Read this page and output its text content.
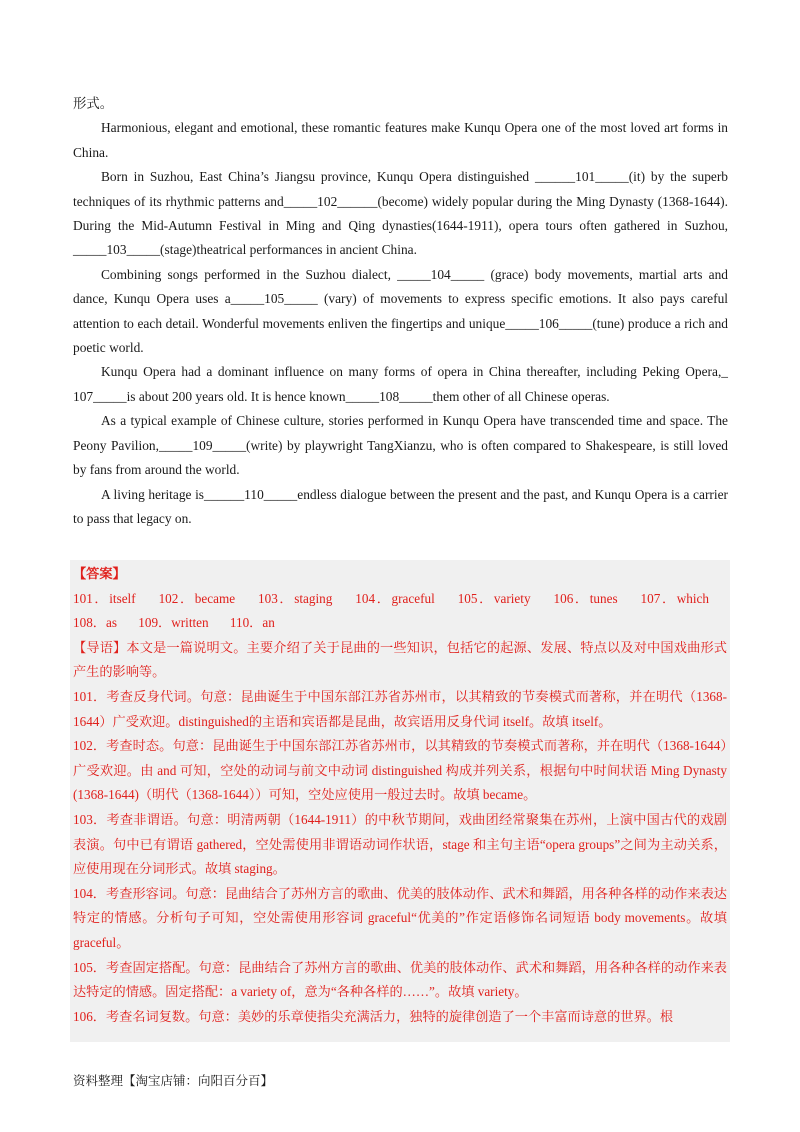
形式。

Harmonious, elegant and emotional, these romantic features make Kunqu Opera one of the most loved art forms in China.

Born in Suzhou, East China’s Jiangsu province, Kunqu Opera distinguished ______101_____(it) by the superb techniques of its rhythmic patterns and_____102______(become) widely popular during the Ming Dynasty (1368-1644). During the Mid-Autumn Festival in Ming and Qing dynasties(1644-1911), opera tours often gathered in Suzhou, _____103_____(stage)theatrical performances in ancient China.

Combining songs performed in the Suzhou dialect, _____104_____ (grace) body movements, martial arts and dance, Kunqu Opera uses a_____105_____ (vary) of movements to express specific emotions. It also pays careful attention to each detail. Wonderful movements enliven the fingertips and unique_____106_____(tune) produce a rich and poetic world.

Kunqu Opera had a dominant influence on many forms of opera in China thereafter, including Peking Opera,_ 107_____is about 200 years old. It is hence known_____108_____them other of all Chinese operas.

As a typical example of Chinese culture, stories performed in Kunqu Opera have transcended time and space. The Peony Pavilion,_____109_____(write) by playwright TangXianzu, who is often compared to Shakespeare, is still loved by fans from around the world.

A living heritage is______110_____endless dialogue between the present and the past, and Kunqu Opera is a carrier to pass that legacy on.

【答案】

101．itself 102．became 103．staging 104．graceful 105．variety 106．tunes 107．which 108．as 109．written 110．an

【导语】本文是一篇说明文。主要介绍了关于昆曲的一些知识，包括它的起源、发展、特点以及对中国戏曲形式产生的影响等。

101．考查反身代词。句意：昆曲诞生于中国东部江苏省苏州市，以其精致的节奏模式而著称，并在明代（1368-1644）广受欢迎。distinguished的主语和宾语都是昆曲，故宾语用反身代词 itself。故填 itself。

102．考查时态。句意：昆曲诞生于中国东部江苏省苏州市，以其精致的节奏模式而著称，并在明代（1368-1644）广受欢迎。由 and 可知，空处的动词与前文中动词 distinguished 构成并列关系，根据句中时间状语 Ming Dynasty (1368-1644)（明代（1368-1644））可知，空处应使用一般过去时。故填 became。

103．考查非谓语。句意：明清两朝（1644-1911）的中秋节期间，戏曲团经常聚集在苏州，上演中国古代的戏剧表演。句中已有谓语 gathered，空处需使用非谓语动词作状语，stage 和主句主语“opera groups”之间为主动关系，应使用现在分词形式。故填 staging。

104．考查形容词。句意：昆曲结合了苏州方言的歌曲、优美的肢体动作、武术和舞蹈，用各种各样的动作来表达特定的情感。分析句子可知，空处需使用形容词 graceful“优美的”作定语修饰名词短语 body movements。故填 graceful。

105．考查固定搭配。句意：昆曲结合了苏州方言的歌曲、优美的肢体动作、武术和舞蹈，用各种各样的动作来表达特定的情感。固定搭配：a variety of，意为“各种各样的……”。故填 variety。

106．考查名词复数。句意：美妙的乐章使指尖充满活力，独特的旋律创造了一个丰富而诗意的世界。根

资料整理【淘宝店铺：向阳百分百】
